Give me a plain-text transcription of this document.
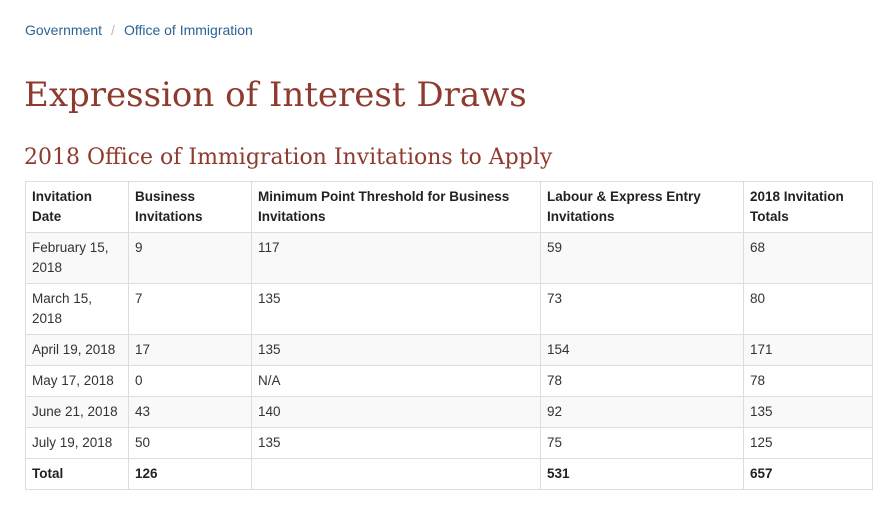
Government / Office of Immigration
Expression of Interest Draws
2018 Office of Immigration Invitations to Apply
Invitation Date	Business Invitations	Minimum Point Threshold for Business Invitations	Labour & Express Entry Invitations	2018 Invitation Totals
February 15, 2018	9	117	59	68
March 15, 2018	7	135	73	80
April 19, 2018	17	135	154	171
May 17, 2018	0	N/A	78	78
June 21, 2018	43	140	92	135
July 19, 2018	50	135	75	125
Total	126		531	657
